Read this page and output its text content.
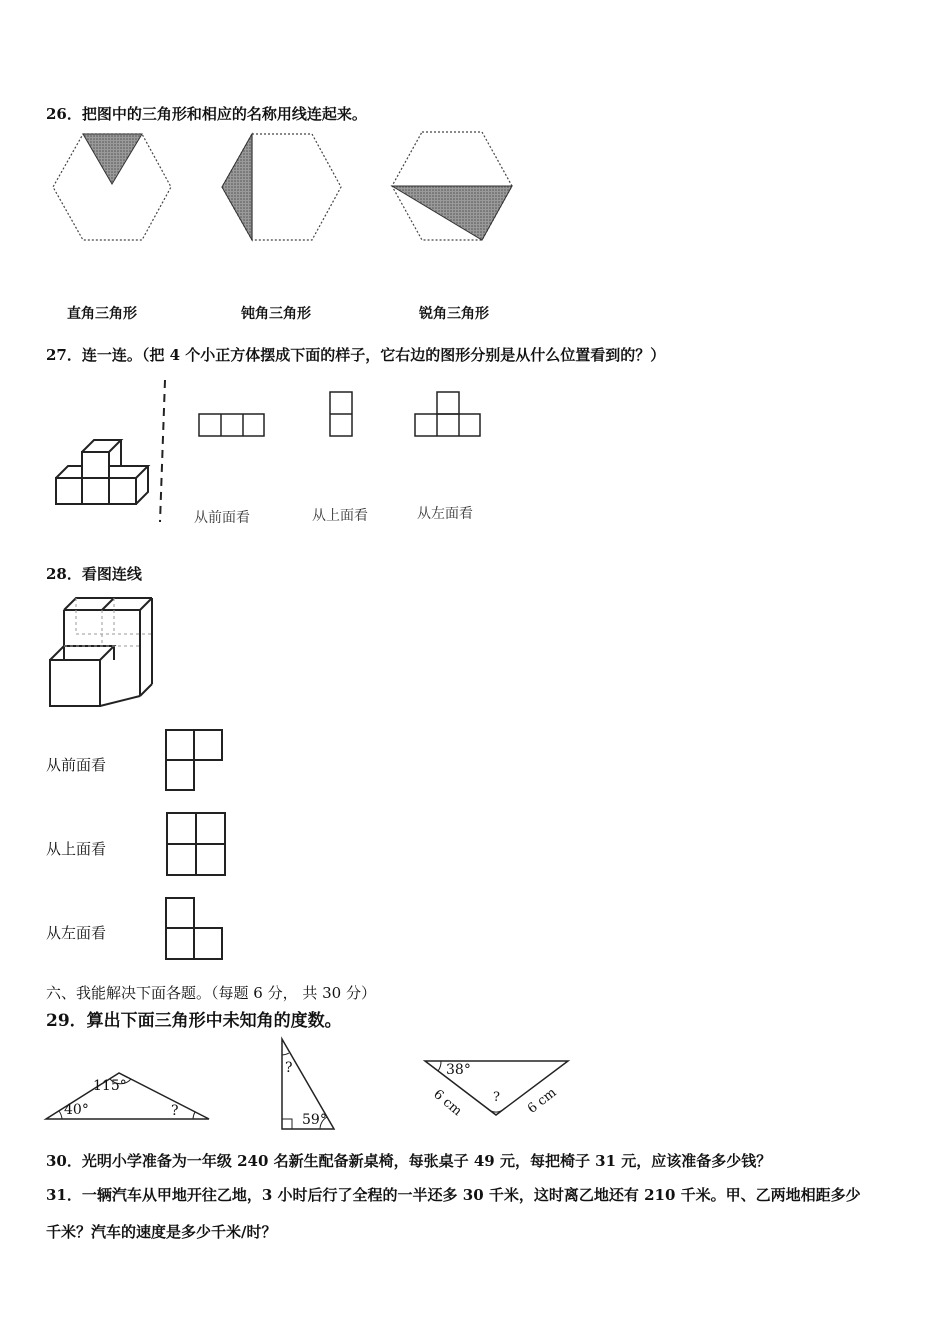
26．把图中的三角形和相应的名称用线连起来。
直角三角形	钝角三角形	锐角三角形
27．连一连。（把 4 个小正方体摆成下面的样子，它右边的图形分别是从什么位置看到的？）
从前面看	从上面看	从左面看
28．看图连线
从前面看
从上面看
从左面看
六、我能解决下面各题。（每题 6 分， 共 30 分）
29．算出下面三角形中未知角的度数。
115°
40°	?
?
59°
38°
?
6 cm	6 cm
30．光明小学准备为一年级 240 名新生配备新桌椅，每张桌子 49 元，每把椅子 31 元，应该准备多少钱？
31．一辆汽车从甲地开往乙地，3 小时后行了全程的一半还多 30 千米，这时离乙地还有 210 千米。甲、乙两地相距多少
千米？汽车的速度是多少千米/时？
